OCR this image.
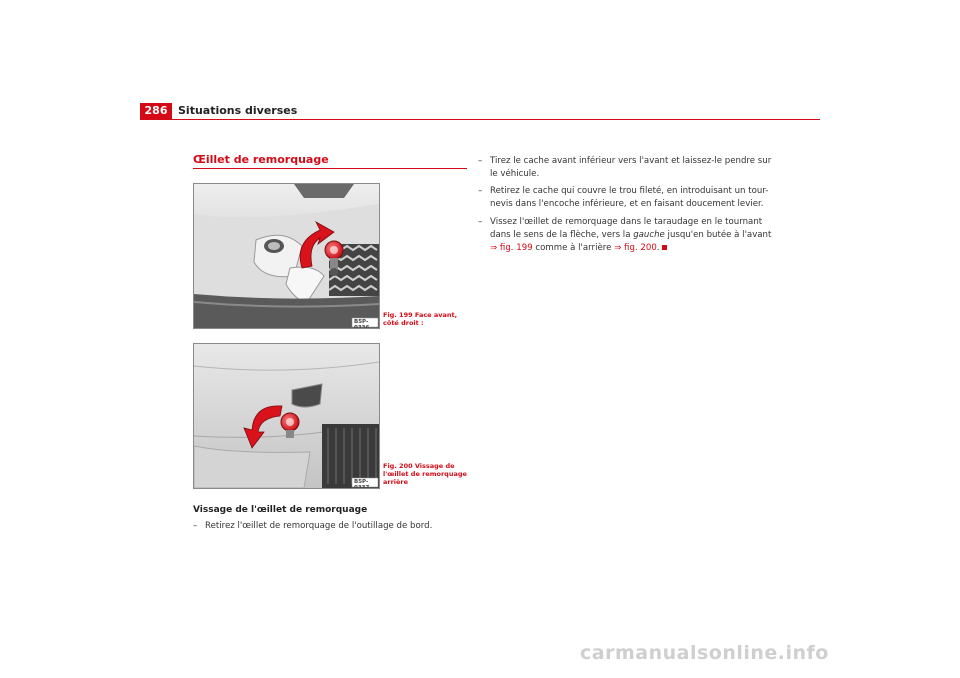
286 Situations diverses
Œillet de remorquage
B5P-0336
Fig. 199 Face avant, côté droit :
B5P-0337
Fig. 200 Vissage de l'œillet de remorquage arrière
Vissage de l'œillet de remorquage
– Retirez l'œillet de remorquage de l'outillage de bord.
– Tirez le cache avant inférieur vers l'avant et laissez-le pendre sur le véhicule.
– Retirez le cache qui couvre le trou fileté, en introduisant un tour-nevis dans l'encoche inférieure, et en faisant doucement levier.
– Vissez l'œillet de remorquage dans le taraudage en le tournant dans le sens de la flèche, vers la gauche jusqu'en butée à l'avant ⇒ fig. 199 comme à l'arrière ⇒ fig. 200.
carmanualsonline.info
